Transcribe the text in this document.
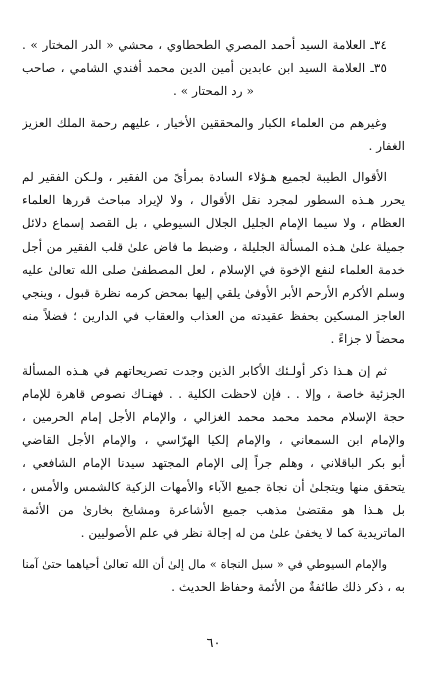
٣٤ـ العلامة السيد أحمد المصري الطحطاوي ، محشي « الدر المختار » .
٣٥ـ العلامة السيد ابن عابدين أمين الدين محمد أفندي الشامي ، صاحب
« رد المحتار » .
وغيرهم من العلماء الكبار والمحققين الأخيار ، عليهم رحمة الملك العزيز
الغفار .
الأقوال الطيبة لجميع هـؤلاء السادة بمرأىً من الفقير ، ولـكن الفقير لم
يحرر هـذه السطور لمجرد نقل الأقوال ، ولا لإيراد مباحث قررها العلماء
العظام ، ولا سيما الإمام الجليل الجلال السيوطي ، بل القصد إسماع دلائل
جميلة علىٰ هـذه المسألة الجليلة ، وضبط ما فاض علىٰ قلب الفقير من أجل
خدمة العلماء لنفع الإخوة في الإسلام ، لعل المصطفىٰ صلى الله تعالىٰ عليه
وسلم الأكرم الأرحم الأبر الأوفىٰ يلقي إليها بمحض كرمه نظرة قبول ، وينجي
العاجز المسكين بحفظ عقيدته من العذاب والعقاب في الدارين ؛ فضلاً منه
محضاً لا جزاءً .
ثم إن هـذا ذكر أولـئك الأكابر الذين وجدت تصريحاتهم في هـذه المسألة
الجزئية خاصة ، وإلا . . فإن لاحظت الكلية . . فهنـاك نصوص قاهرة للإمام
حجة الإسلام محمد محمد محمد الغزالي ، والإمام الأجل إمام الحرمين ،
والإمام ابن السمعاني ، والإمام إلكيا الهرّاسي ، والإمام الأجل القاضي
أبو بكر الباقلاني ، وهلم جراً إلى الإمام المجتهد سيدنا الإمام الشافعي ،
يتحقق منها ويتجلىٰ أن نجاة جميع الآباء والأمهات الزكية كالشمس والأمس ،
بل هـذا هو مقتضىٰ مذهب جميع الأشاعرة ومشايخ بخارىٰ من الأئمة
الماتريدية كما لا يخفىٰ علىٰ من له إجالة نظر في علم الأصوليين .
والإمام السيوطي في « سبل النجاة » مال إلىٰ أن الله تعالىٰ أحياهما حتىٰ آمنا
به ، ذكر ذلك طائفةٌ من الأئمة وحفاظ الحديث .
٦٠
